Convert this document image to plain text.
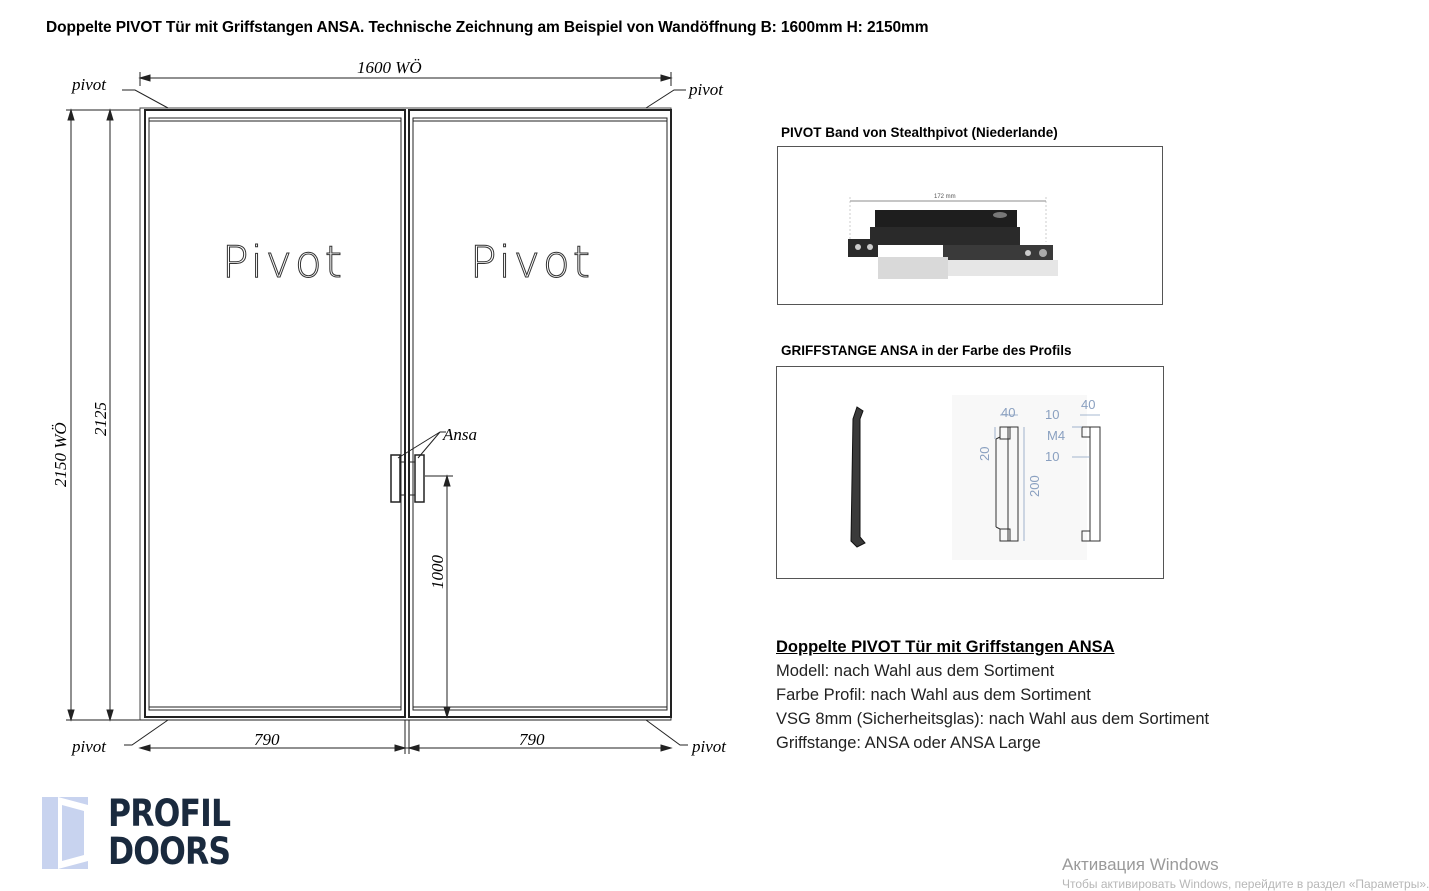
Doppelte PIVOT Tür mit Griffstangen ANSA. Technische Zeichnung am Beispiel von Wandöffnung B: 1600mm H: 2150mm
1600 WÖ
2150 WÖ
2125
1000
790	790
Ansa
pivot	pivot
pivot	pivot
Pivot	Pivot
PIVOT Band von Stealthpivot (Niederlande)
172 mm
GRIFFSTANGE ANSA in der Farbe des Profils
40
20
200
10
40
M4
10
Doppelte PIVOT Tür mit Griffstangen ANSA
Modell: nach Wahl aus dem Sortiment
Farbe Profil: nach Wahl aus dem Sortiment
VSG 8mm (Sicherheitsglas): nach Wahl aus dem Sortiment
Griffstange: ANSA oder ANSA Large
PROFIL
DOORS	Активация Windows
Чтобы активировать Windows, перейдите в раздел «Параметры».
